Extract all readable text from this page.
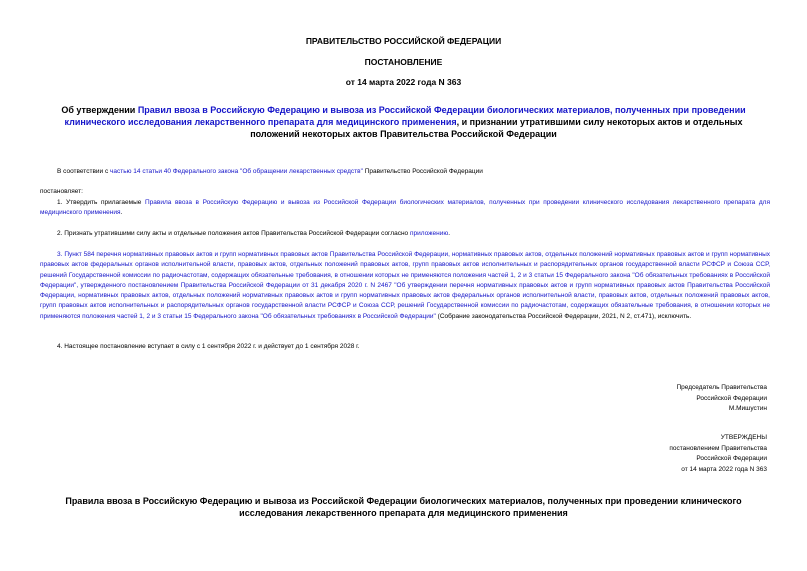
ПРАВИТЕЛЬСТВО РОССИЙСКОЙ ФЕДЕРАЦИИ
ПОСТАНОВЛЕНИЕ
от 14 марта 2022 года N 363
Об утверждении Правил ввоза в Российскую Федерацию и вывоза из Российской Федерации биологических материалов, полученных при проведении клинического исследования лекарственного препарата для медицинского применения, и признании утратившими силу некоторых актов и отдельных положений некоторых актов Правительства Российской Федерации
В соответствии с частью 14 статьи 40 Федерального закона "Об обращении лекарственных средств" Правительство Российской Федерации
постановляет:
1. Утвердить прилагаемые Правила ввоза в Российскую Федерацию и вывоза из Российской Федерации биологических материалов, полученных при проведении клинического исследования лекарственного препарата для медицинского применения.
2. Признать утратившими силу акты и отдельные положения актов Правительства Российской Федерации согласно приложению.
3. Пункт 584 перечня нормативных правовых актов и групп нормативных правовых актов Правительства Российской Федерации, нормативных правовых актов, отдельных положений нормативных правовых актов и групп нормативных правовых актов федеральных органов исполнительной власти, правовых актов, отдельных положений правовых актов, групп правовых актов исполнительных и распорядительных органов государственной власти РСФСР и Союза ССР, решений Государственной комиссии по радиочастотам, содержащих обязательные требования, в отношении которых не применяются положения частей 1, 2 и 3 статьи 15 Федерального закона "Об обязательных требованиях в Российской Федерации", утвержденного постановлением Правительства Российской Федерации от 31 декабря 2020 г. N 2467 "Об утверждении перечня нормативных правовых актов и групп нормативных правовых актов Правительства Российской Федерации, нормативных правовых актов, отдельных положений нормативных правовых актов и групп нормативных правовых актов федеральных органов исполнительной власти, правовых актов, отдельных положений правовых актов, групп правовых актов исполнительных и распорядительных органов государственной власти РСФСР и Союза ССР, решений Государственной комиссии по радиочастотам, содержащих обязательные требования, в отношении которых не применяются положения частей 1, 2 и 3 статьи 15 Федерального закона "Об обязательных требованиях в Российской Федерации" (Собрание законодательства Российской Федерации, 2021, N 2, ст.471), исключить.
4. Настоящее постановление вступает в силу с 1 сентября 2022 г. и действует до 1 сентября 2028 г.
Председатель Правительства
Российской Федерации
М.Мишустин
УТВЕРЖДЕНЫ
постановлением Правительства
Российской Федерации
от 14 марта 2022 года N 363
Правила ввоза в Российскую Федерацию и вывоза из Российской Федерации биологических материалов, полученных при проведении клинического исследования лекарственного препарата для медицинского применения
